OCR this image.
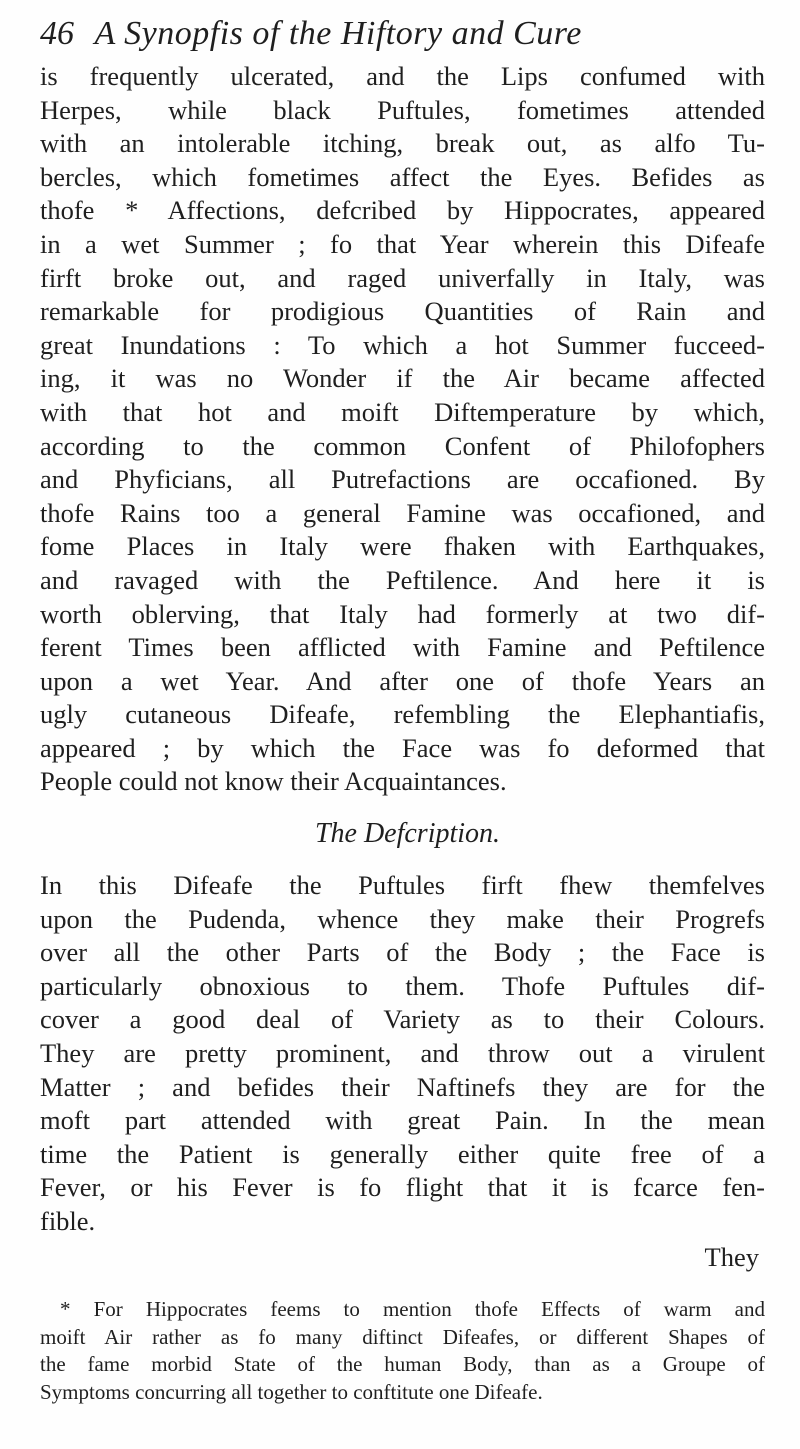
46 A Synopfis of the Hiftory and Cure
is frequently ulcerated, and the Lips confumed with
Herpes, while black Puftules, fometimes attended
with an intolerable itching, break out, as alfo Tu-
bercles, which fometimes affect the Eyes. Befides as
thofe * Affections, defcribed by Hippocrates, appeared
in a wet Summer ; fo that Year wherein this Difeafe
firft broke out, and raged univerfally in Italy, was
remarkable for prodigious Quantities of Rain and
great Inundations : To which a hot Summer fucceed-
ing, it was no Wonder if the Air became affected
with that hot and moift Diftemperature by which,
according to the common Confent of Philofophers
and Phyficians, all Putrefactions are occafioned. By
thofe Rains too a general Famine was occafioned, and
fome Places in Italy were fhaken with Earthquakes,
and ravaged with the Peftilence. And here it is
worth oblerving, that Italy had formerly at two dif-
ferent Times been afflicted with Famine and Peftilence
upon a wet Year. And after one of thofe Years an
ugly cutaneous Difeafe, refembling the Elephantiafis,
appeared ; by which the Face was fo deformed that
People could not know their Acquaintances.
The Defcription.
In this Difeafe the Puftules firft fhew themfelves
upon the Pudenda, whence they make their Progrefs
over all the other Parts of the Body ; the Face is
particularly obnoxious to them. Thofe Puftules dif-
cover a good deal of Variety as to their Colours.
They are pretty prominent, and throw out a virulent
Matter ; and befides their Naftinefs they are for the
moft part attended with great Pain. In the mean
time the Patient is generally either quite free of a
Fever, or his Fever is fo flight that it is fcarce fen-
fible.
They
* For Hippocrates feems to mention thofe Effects of warm and
moift Air rather as fo many diftinct Difeafes, or different Shapes of
the fame morbid State of the human Body, than as a Groupe of
Symptoms concurring all together to conftitute one Difeafe.
